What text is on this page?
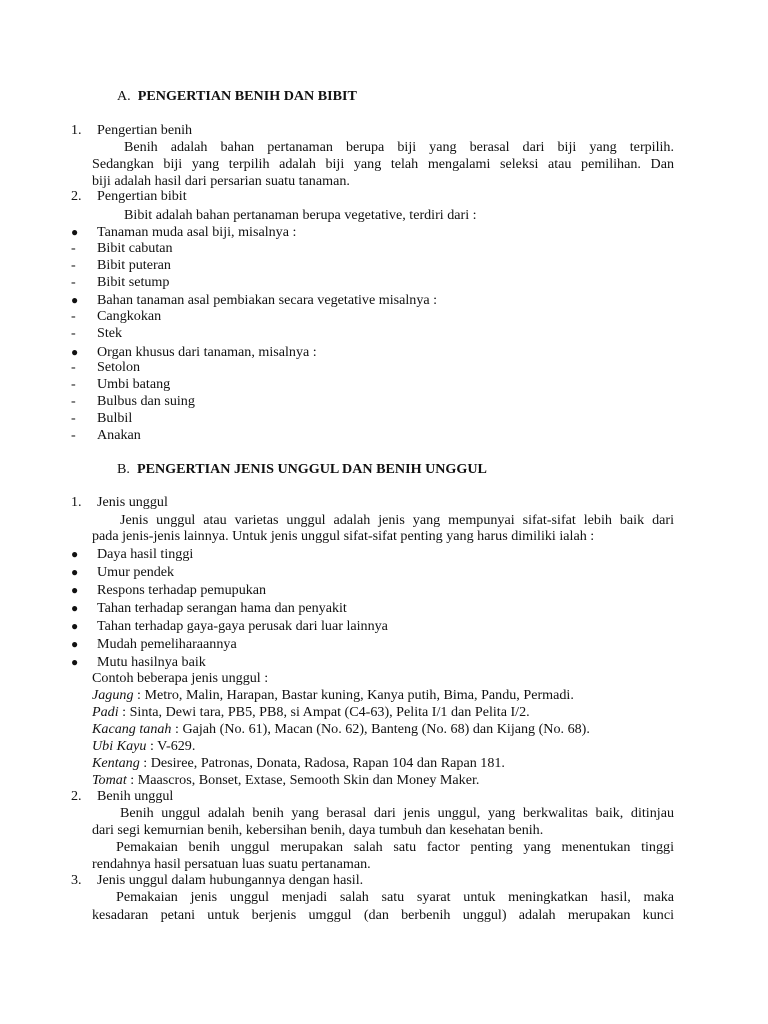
A. PENGERTIAN BENIH DAN BIBIT
1. Pengertian benih
Benih adalah bahan pertanaman berupa biji yang berasal dari biji yang terpilih.
Sedangkan biji yang terpilih adalah biji yang telah mengalami seleksi atau pemilihan. Dan
biji adalah hasil dari persarian suatu tanaman.
2. Pengertian bibit
Bibit adalah bahan pertanaman berupa vegetative, terdiri dari :
● Tanaman muda asal biji, misalnya :
- Bibit cabutan
- Bibit puteran
- Bibit setump
● Bahan tanaman asal pembiakan secara vegetative misalnya :
- Cangkokan
- Stek
● Organ khusus dari tanaman, misalnya :
- Setolon
- Umbi batang
- Bulbus dan suing
- Bulbil
- Anakan
B. PENGERTIAN JENIS UNGGUL DAN BENIH UNGGUL
1. Jenis unggul
Jenis unggul atau varietas unggul adalah jenis yang mempunyai sifat-sifat lebih baik dari
pada jenis-jenis lainnya. Untuk jenis unggul sifat-sifat penting yang harus dimiliki ialah :
● Daya hasil tinggi
● Umur pendek
● Respons terhadap pemupukan
● Tahan terhadap serangan hama dan penyakit
● Tahan terhadap gaya-gaya perusak dari luar lainnya
● Mudah pemeliharaannya
● Mutu hasilnya baik
Contoh beberapa jenis unggul :
Jagung : Metro, Malin, Harapan, Bastar kuning, Kanya putih, Bima, Pandu, Permadi.
Padi : Sinta, Dewi tara, PB5, PB8, si Ampat (C4-63), Pelita I/1 dan Pelita I/2.
Kacang tanah : Gajah (No. 61), Macan (No. 62), Banteng (No. 68) dan Kijang (No. 68).
Ubi Kayu : V-629.
Kentang : Desiree, Patronas, Donata, Radosa, Rapan 104 dan Rapan 181.
Tomat : Maascros, Bonset, Extase, Semooth Skin dan Money Maker.
2. Benih unggul
Benih unggul adalah benih yang berasal dari jenis unggul, yang berkwalitas baik, ditinjau
dari segi kemurnian benih, kebersihan benih, daya tumbuh dan kesehatan benih.
Pemakaian benih unggul merupakan salah satu factor penting yang menentukan tinggi
rendahnya hasil persatuan luas suatu pertanaman.
3. Jenis unggul dalam hubungannya dengan hasil.
Pemakaian jenis unggul menjadi salah satu syarat untuk meningkatkan hasil, maka
kesadaran petani untuk berjenis umggul (dan berbenih unggul) adalah merupakan kunci
